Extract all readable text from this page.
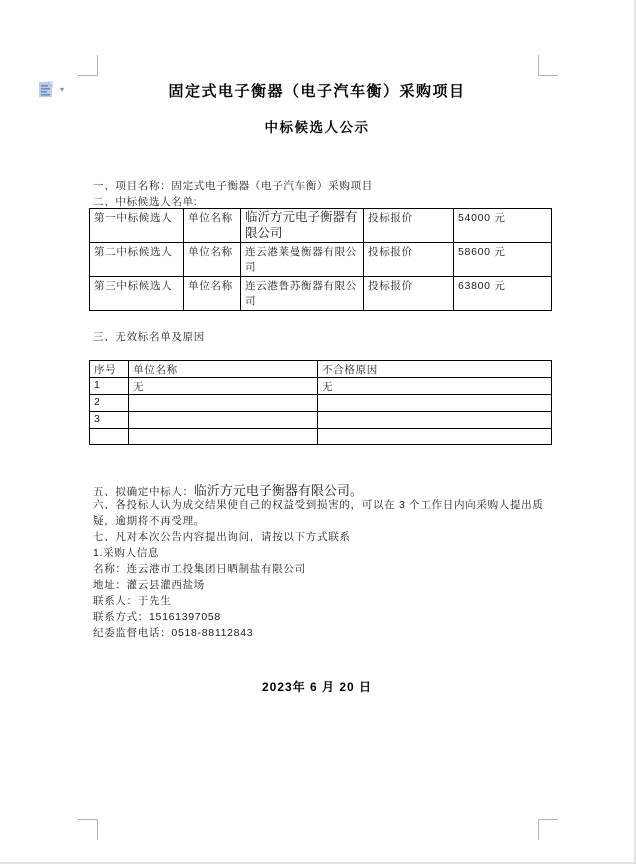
▾	固定式电子衡器（电子汽车衡）采购项目
中标候选人公示
一、项目名称：固定式电子衡器（电子汽车衡）采购项目
二、中标候选人名单:
第一中标候选人	单位名称	临沂方元电子衡器有限公司	投标报价	54000 元
第二中标候选人	单位名称	连云港莱曼衡器有限公司	投标报价	58600 元
第三中标候选人	单位名称	连云港鲁苏衡器有限公司	投标报价	63800 元
三、无效标名单及原因
序号	单位名称	不合格原因
1	无	无
2		
3		

五、拟确定中标人：临沂方元电子衡器有限公司。
六、各投标人认为成交结果使自己的权益受到损害的，可以在 3 个工作日内向采购人提出质
疑，逾期将不再受理。
七、凡对本次公告内容提出询问，请按以下方式联系
1.采购人信息
名称：连云港市工投集团日晒制盐有限公司
地址：灌云县灌西盐场
联系人：于先生
联系方式：15161397058
纪委监督电话：0518-88112843
2023年 6 月 20 日
